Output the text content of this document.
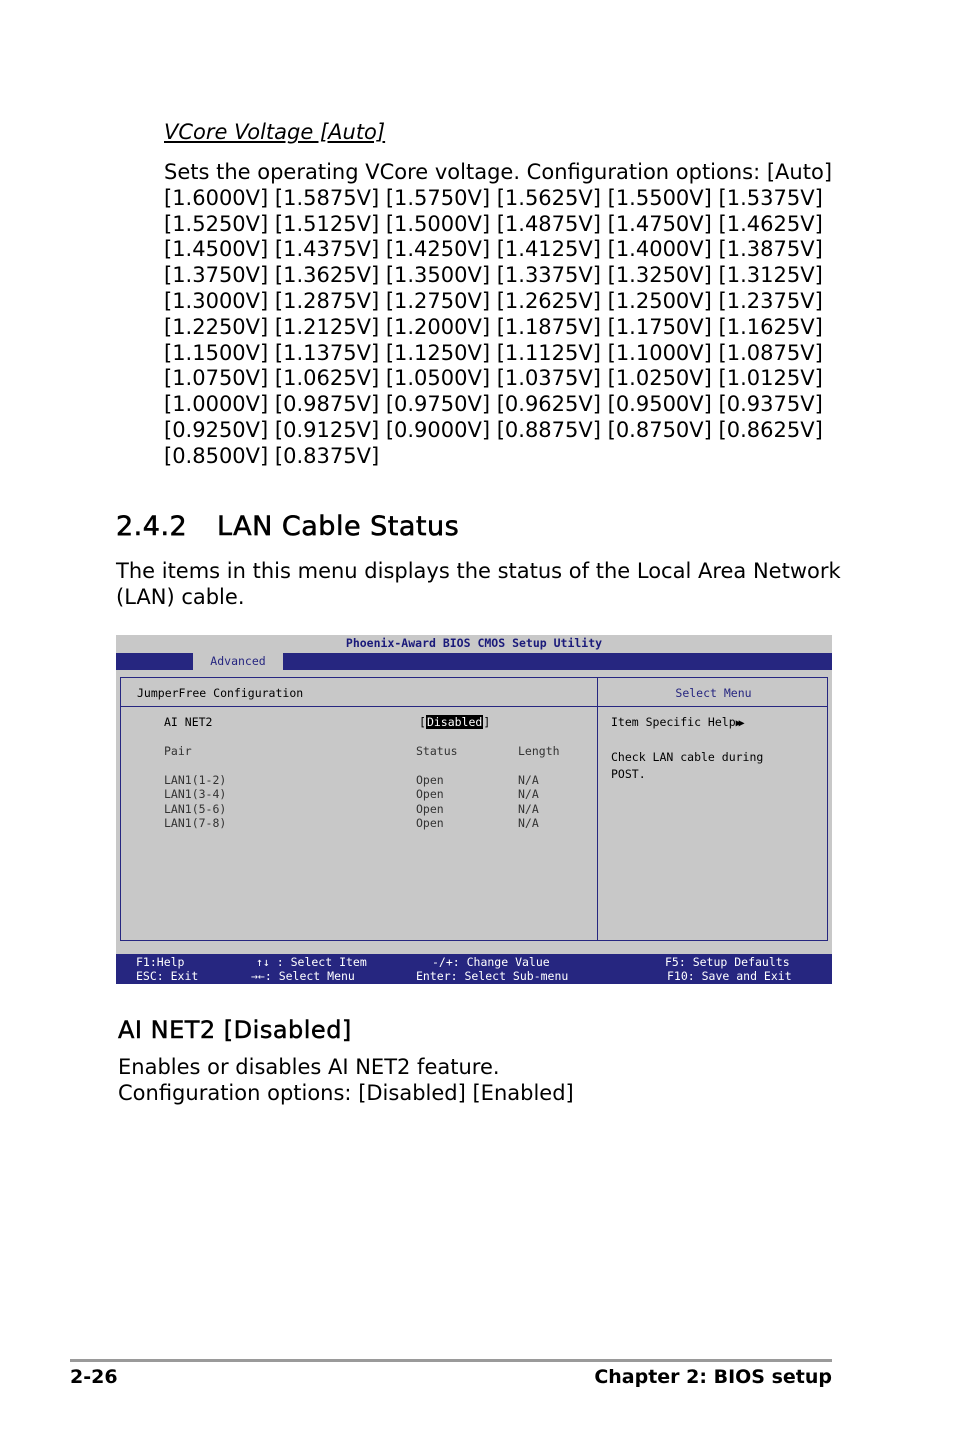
VCore Voltage [Auto]
Sets the operating VCore voltage. Configuration options: [Auto]
[1.6000V] [1.5875V] [1.5750V] [1.5625V] [1.5500V] [1.5375V]
[1.5250V] [1.5125V] [1.5000V] [1.4875V] [1.4750V] [1.4625V]
[1.4500V] [1.4375V] [1.4250V] [1.4125V] [1.4000V] [1.3875V]
[1.3750V] [1.3625V] [1.3500V] [1.3375V] [1.3250V] [1.3125V]
[1.3000V] [1.2875V] [1.2750V] [1.2625V] [1.2500V] [1.2375V]
[1.2250V] [1.2125V] [1.2000V] [1.1875V] [1.1750V] [1.1625V]
[1.1500V] [1.1375V] [1.1250V] [1.1125V] [1.1000V] [1.0875V]
[1.0750V] [1.0625V] [1.0500V] [1.0375V] [1.0250V] [1.0125V]
[1.0000V] [0.9875V] [0.9750V] [0.9625V] [0.9500V] [0.9375V]
[0.9250V] [0.9125V] [0.9000V] [0.8875V] [0.8750V] [0.8625V]
[0.8500V] [0.8375V]
2.4.2 LAN Cable Status
The items in this menu displays the status of the Local Area Network (LAN) cable.
Phoenix-Award BIOS CMOS Setup Utility
Advanced
JumperFree Configuration	Select Menu
AI NET2	[Disabled]
Pair	Status	Length
LAN1(1-2)	Open	N/A
LAN1(3-4)	Open	N/A
LAN1(5-6)	Open	N/A
LAN1(7-8)	Open	N/A
Item Specific Help▶▶
Check LAN cable during
POST.
F1:Help	↑↓ : Select Item	-/+: Change Value	F5: Setup Defaults
ESC: Exit	→←: Select Menu	Enter: Select Sub-menu	F10: Save and Exit
AI NET2 [Disabled]
Enables or disables AI NET2 feature.
Configuration options: [Disabled] [Enabled]
2-26	Chapter 2: BIOS setup
